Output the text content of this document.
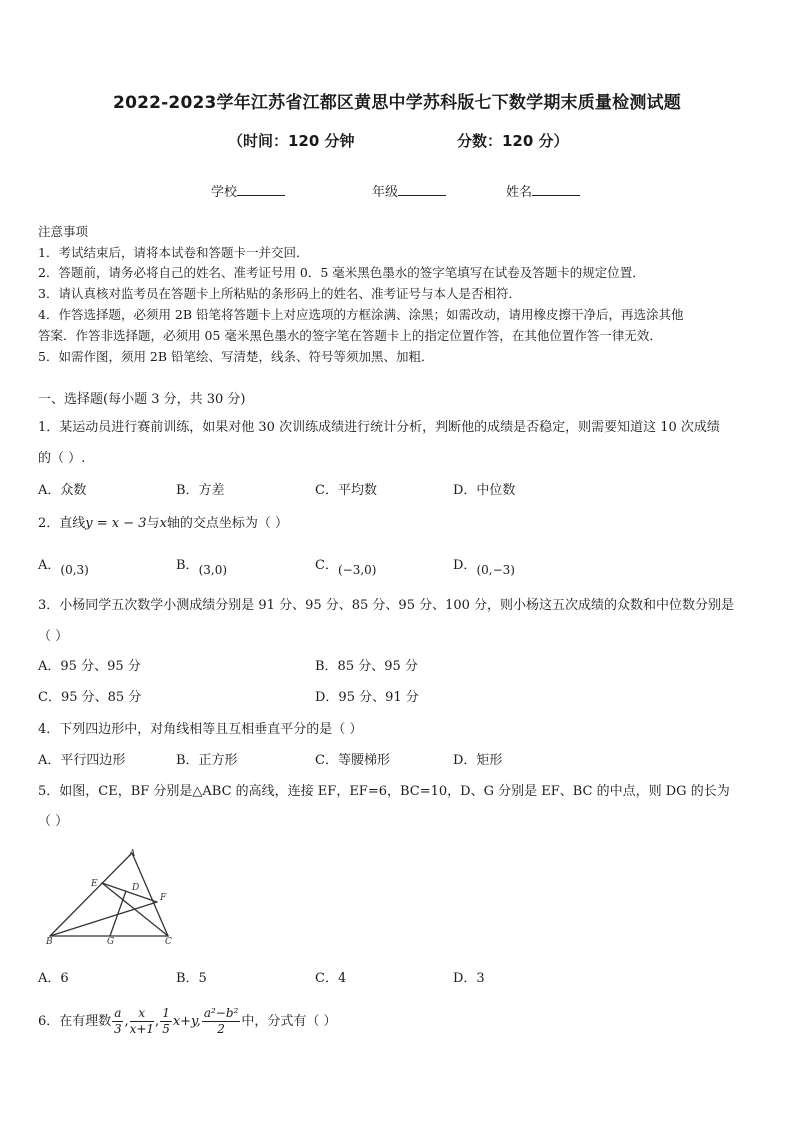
2022-2023学年江苏省江都区黄思中学苏科版七下数学期末质量检测试题
（时间：120 分钟	分数：120 分）
学校	年级	姓名
注意事项
1．考试结束后，请将本试卷和答题卡一并交回．
2．答题前，请务必将自己的姓名、准考证号用 0．5 毫米黑色墨水的签字笔填写在试卷及答题卡的规定位置．
3．请认真核对监考员在答题卡上所粘贴的条形码上的姓名、准考证号与本人是否相符．
4．作答选择题，必须用 2B 铅笔将答题卡上对应选项的方框涂满、涂黑；如需改动，请用橡皮擦干净后，再选涂其他
答案．作答非选择题，必须用 05 毫米黑色墨水的签字笔在答题卡上的指定位置作答，在其他位置作答一律无效．
5．如需作图，须用 2B 铅笔绘、写清楚，线条、符号等须加黑、加粗．
一、选择题(每小题 3 分，共 30 分)
1．某运动员进行赛前训练，如果对他 30 次训练成绩进行统计分析，判断他的成绩是否稳定，则需要知道这 10 次成绩
的（ ）.
A．众数	B．方差	C．平均数	D．中位数
2．直线y = x − 3与x轴的交点坐标为（ ）
A．(0,3)	B．(3,0)	C．(−3,0)	D．(0,−3)
3．小杨同学五次数学小测成绩分别是 91 分、95 分、85 分、95 分、100 分，则小杨这五次成绩的众数和中位数分别是
（ ）
A．95 分、95 分	B．85 分、95 分
C．95 分、85 分	D．95 分、91 分
4．下列四边形中，对角线相等且互相垂直平分的是（ ）
A．平行四边形	B．正方形	C．等腰梯形	D．矩形
5．如图，CE，BF 分别是△ABC 的高线，连接 EF，EF=6，BC=10，D、G 分别是 EF、BC 的中点，则 DG 的长为
（ ）
A
E	D
F
B	G	C
A．6	B．5	C．4	D．3
6．在有理数 $\frac{a}{3}$ , $\frac{x}{x+1}$ , $\frac{1}{5} x+y$, $\frac{\text{a²−b²}}{2}$ 中，分式有（ ）
